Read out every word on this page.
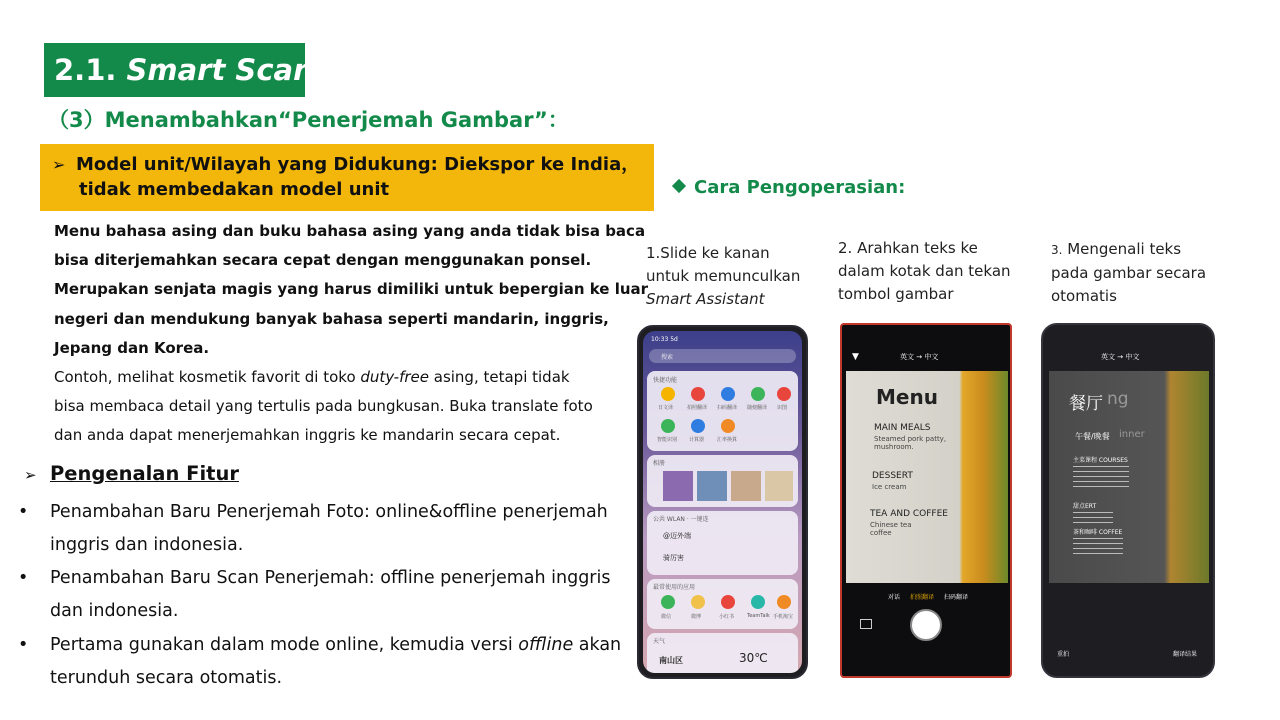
2.1. Smart Scan
（3）Menambahkan“Penerjemah Gambar”：
➢ Model unit/Wilayah yang Didukung: Diekspor ke India，
tidak membedakan model unit
Menu bahasa asing dan buku bahasa asing yang anda tidak bisa baca
bisa diterjemahkan secara cepat dengan menggunakan ponsel.
Merupakan senjata magis yang harus dimiliki untuk bepergian ke luar
negeri dan mendukung banyak bahasa seperti mandarin, inggris,
Jepang dan Korea.
Contoh, melihat kosmetik favorit di toko duty-free asing, tetapi tidak
bisa membaca detail yang tertulis pada bungkusan. Buka translate foto
dan anda dapat menerjemahkan inggris ke mandarin secara cepat.
➢ Pengenalan Fitur
•	Penambahan Baru Penerjemah Foto: online&offline penerjemah
inggris dan indonesia.
•	Penambahan Baru Scan Penerjemah: offline penerjemah inggris
dan indonesia.
•	Pertama gunakan dalam mode online, kemudia versi offline akan
terunduh secara otomatis.
Cara Pengoperasian:
1.Slide ke kanan
untuk memunculkan
Smart Assistant
2. Arahkan teks ke
dalam kotak dan tekan
tombol gambar
3. Mengenali teks
pada gambar secara
otomatis
10:33 5d
搜索
快捷功能
日文译	拍照翻译 扫码翻译 随便翻译 识图
智能识别 计算器	汇率换算
相册
公共 WLAN · 一键连
@迈外端
骑厉害
最常使用的应用
微信	微博	小红书	TeamTalk 手机淘宝
天气
南山区	30℃
▼	英文 → 中文
Menu
MAIN MEALS
Steamed pork patty, mushroom.
DESSERT
Ice cream
TEA AND COFFEE
Chinese tea coffee
对话 拍照翻译 扫码翻译
英文 → 中文
餐厅 ng
午餐/晚餐 inner
主菜课程 COURSES
甜点ERT
茶和咖啡 COFFEE
重拍	翻译结果
